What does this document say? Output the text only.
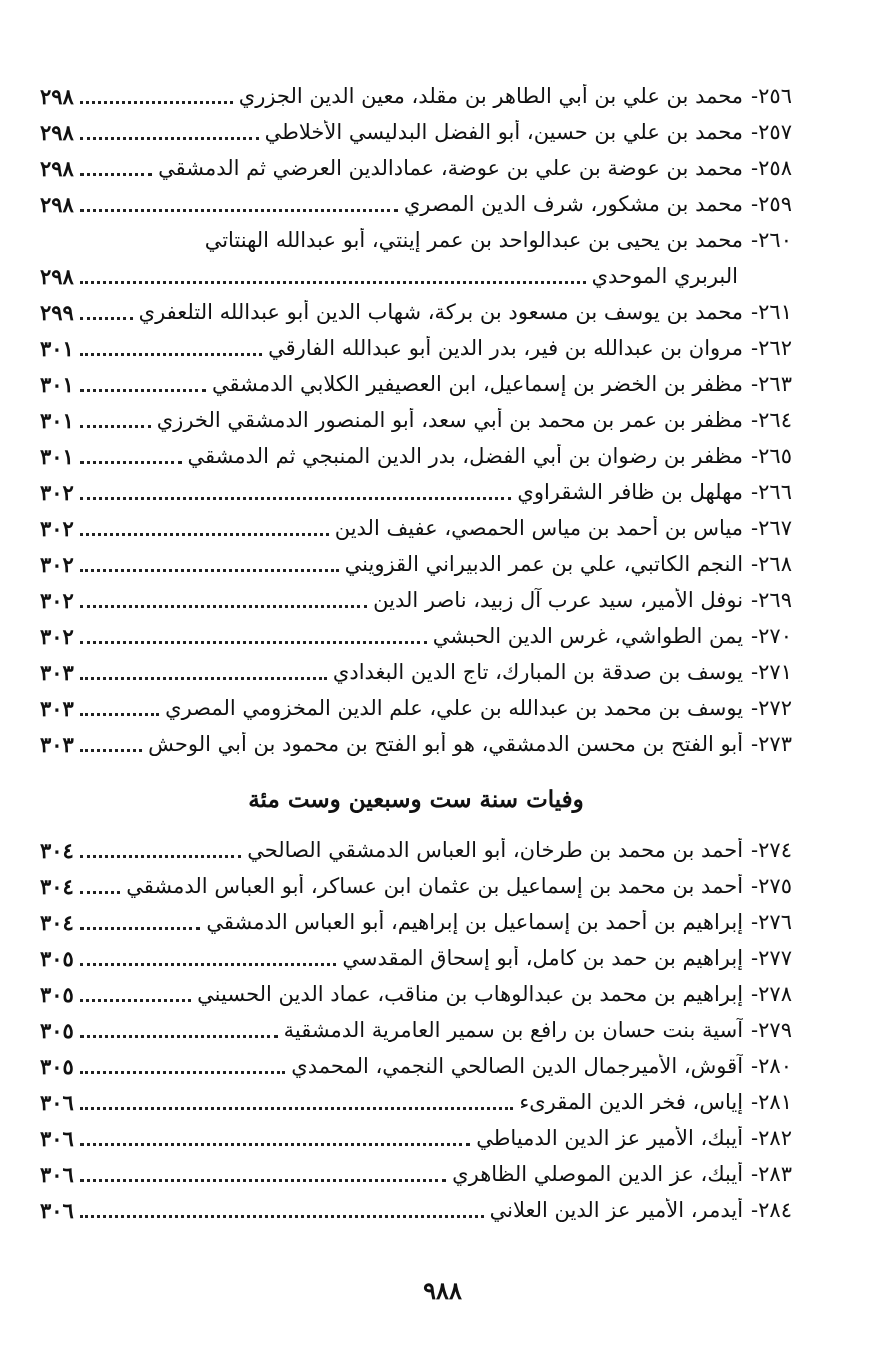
٢٥٦-
محمد بن علي بن أبي الطاهر بن مقلد، معين الدين الجزري
٢٩٨
٢٥٧-
محمد بن علي بن حسين، أبو الفضل البدليسي الأخلاطي
٢٩٨
٢٥٨-
محمد بن عوضة بن علي بن عوضة، عمادالدين العرضي ثم الدمشقي
٢٩٨
٢٥٩-
محمد بن مشكور، شرف الدين المصري
٢٩٨
٢٦٠-
محمد بن يحيى بن عبدالواحد بن عمر إينتي، أبو عبدالله الهنتاتي
البربري الموحدي
٢٩٨
٢٦١-
محمد بن يوسف بن مسعود بن بركة، شهاب الدين أبو عبدالله التلعفري
٢٩٩
٢٦٢-
مروان بن عبدالله بن فير، بدر الدين أبو عبدالله الفارقي
٣٠١
٢٦٣-
مظفر بن الخضر بن إسماعيل، ابن العصيفير الكلابي الدمشقي
٣٠١
٢٦٤-
مظفر بن عمر بن محمد بن أبي سعد، أبو المنصور الدمشقي الخرزي
٣٠١
٢٦٥-
مظفر بن رضوان بن أبي الفضل، بدر الدين المنبجي ثم الدمشقي
٣٠١
٢٦٦-
مهلهل بن ظافر الشقراوي
٣٠٢
٢٦٧-
مياس بن أحمد بن مياس الحمصي، عفيف الدين
٣٠٢
٢٦٨-
النجم الكاتبي، علي بن عمر الدبيراني القزويني
٣٠٢
٢٦٩-
نوفل الأمير، سيد عرب آل زبيد، ناصر الدين
٣٠٢
٢٧٠-
يمن الطواشي، غرس الدين الحبشي
٣٠٢
٢٧١-
يوسف بن صدقة بن المبارك، تاج الدين البغدادي
٣٠٣
٢٧٢-
يوسف بن محمد بن عبدالله بن علي، علم الدين المخزومي المصري
٣٠٣
٢٧٣-
أبو الفتح بن محسن الدمشقي، هو أبو الفتح بن محمود بن أبي الوحش
٣٠٣
وفيات سنة ست وسبعين وست مئة
٢٧٤-
أحمد بن محمد بن طرخان، أبو العباس الدمشقي الصالحي
٣٠٤
٢٧٥-
أحمد بن محمد بن إسماعيل بن عثمان ابن عساكر، أبو العباس الدمشقي
٣٠٤
٢٧٦-
إبراهيم بن أحمد بن إسماعيل بن إبراهيم، أبو العباس الدمشقي
٣٠٤
٢٧٧-
إبراهيم بن حمد بن كامل، أبو إسحاق المقدسي
٣٠٥
٢٧٨-
إبراهيم بن محمد بن عبدالوهاب بن مناقب، عماد الدين الحسيني
٣٠٥
٢٧٩-
آسية بنت حسان بن رافع بن سمير العامرية الدمشقية
٣٠٥
٢٨٠-
آقوش، الأميرجمال الدين الصالحي النجمي، المحمدي
٣٠٥
٢٨١-
إياس، فخر الدين المقرىء
٣٠٦
٢٨٢-
أيبك، الأمير عز الدين الدمياطي
٣٠٦
٢٨٣-
أيبك، عز الدين الموصلي الظاهري
٣٠٦
٢٨٤-
أيدمر، الأمير عز الدين العلاني
٣٠٦
٩٨٨
